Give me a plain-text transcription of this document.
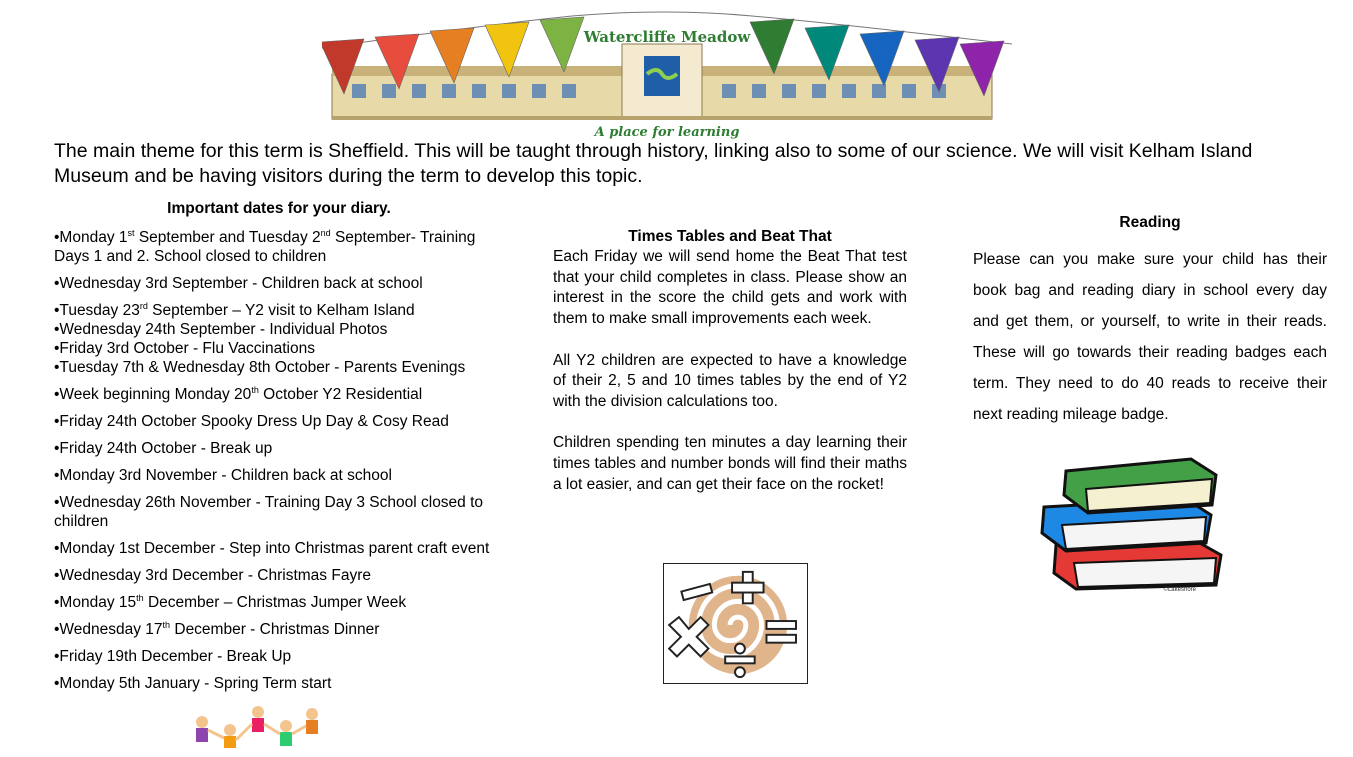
Watercliffe Meadow
A place for learning
The main theme for this term is Sheffield. This will be taught through history, linking also to some of our science. We will visit Kelham Island Museum and be having visitors during the term to develop this topic.
Important dates for your diary.
•Monday 1st September and Tuesday 2nd September- Training Days 1 and 2. School closed to children
•Wednesday 3rd September - Children back at school
•Tuesday 23rd September – Y2 visit to Kelham Island
•Wednesday 24th September - Individual Photos
•Friday 3rd October - Flu Vaccinations
•Tuesday 7th & Wednesday 8th October - Parents Evenings
•Week beginning Monday 20th October Y2 Residential
•Friday 24th October Spooky Dress Up Day & Cosy Read
•Friday 24th October - Break up
•Monday 3rd November - Children back at school
•Wednesday 26th November - Training Day 3 School closed to children
•Monday 1st December - Step into Christmas parent craft event
•Wednesday 3rd December - Christmas Fayre
•Monday 15th December – Christmas Jumper Week
•Wednesday 17th December - Christmas Dinner
•Friday 19th December - Break Up
•Monday 5th January - Spring Term start
Times Tables and Beat That

Each Friday we will send home the Beat That test that your child completes in class. Please show an interest in the score the child gets and work with them to make small improvements each week.

All Y2 children are expected to have a knowledge of their 2, 5 and 10 times tables by the end of Y2 with the division calculations too.

Children spending ten minutes a day learning their times tables and number bonds will find their maths a lot easier, and can get their face on the rocket!

Reading

Please can you make sure your child has their book bag and reading diary in school every day and get them, or yourself, to write in their reads. These will go towards their reading badges each term. They need to do 40 reads to receive their next reading mileage badge.

©Lakeshore
